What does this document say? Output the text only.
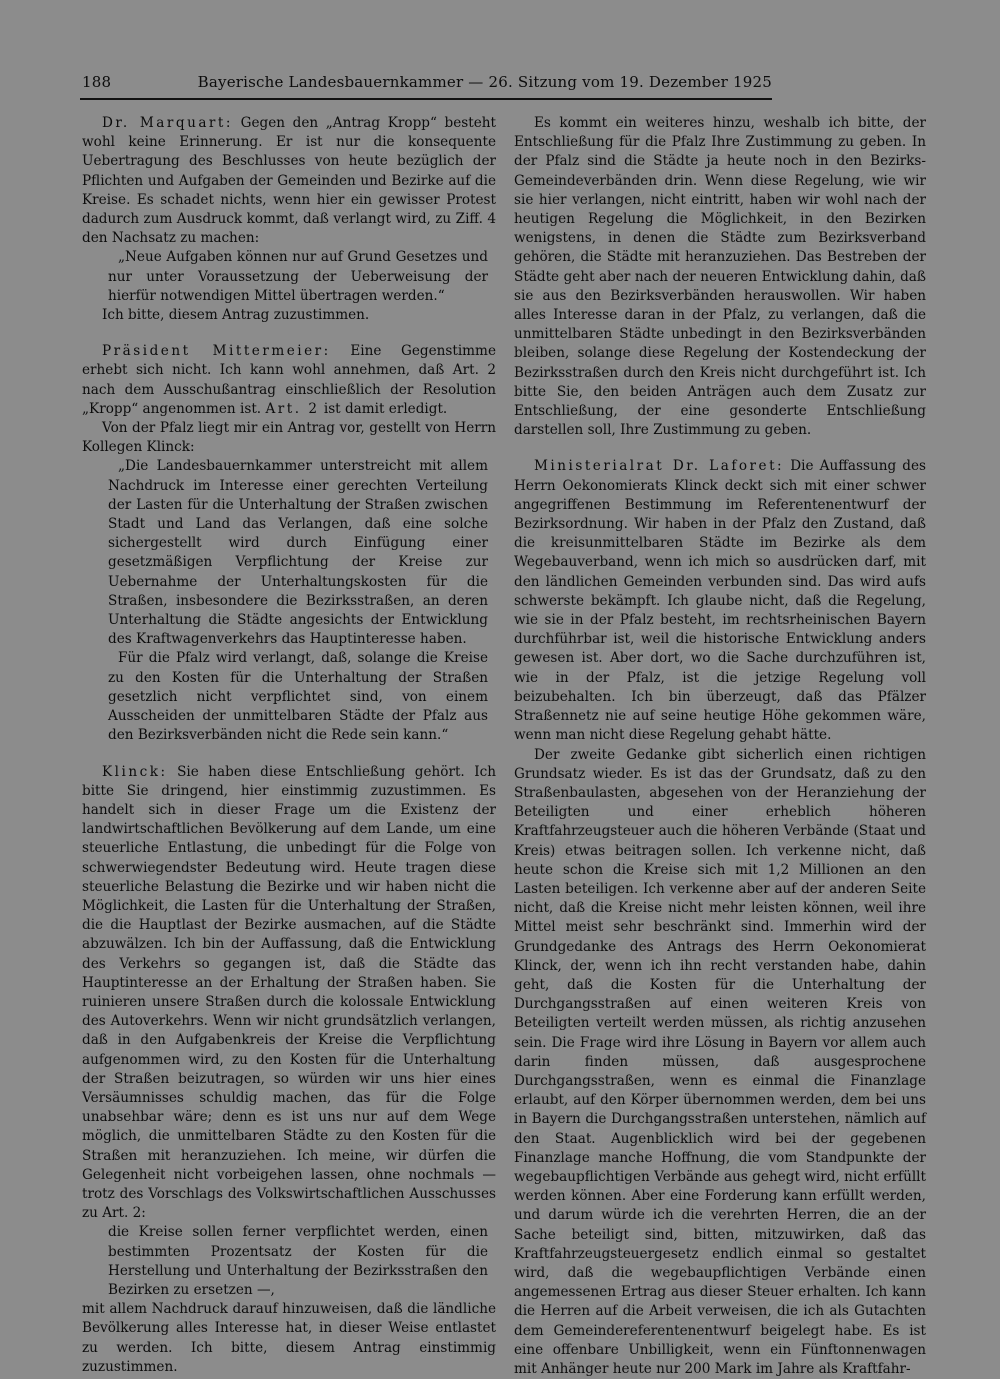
188	Bayerische Landesbauernkammer — 26. Sitzung vom 19. Dezember 1925

Dr. Marquart: Gegen den „Antrag Kropp“ besteht wohl keine Erinnerung. Er ist nur die konsequente Uebertragung des Beschlusses von heute bezüglich der Pflichten und Aufgaben der Gemeinden und Bezirke auf die Kreise. Es schadet nichts, wenn hier ein gewisser Protest dadurch zum Ausdruck kommt, daß verlangt wird, zu Ziff. 4 den Nachsatz zu machen:

„Neue Aufgaben können nur auf Grund Gesetzes und nur unter Voraussetzung der Ueberweisung der hierfür notwendigen Mittel übertragen werden.“

Ich bitte, diesem Antrag zuzustimmen.

Präsident Mittermeier: Eine Gegenstimme erhebt sich nicht. Ich kann wohl annehmen, daß Art. 2 nach dem Ausschußantrag einschließlich der Resolution „Kropp“ angenommen ist. Art. 2 ist damit erledigt.

Von der Pfalz liegt mir ein Antrag vor, gestellt von Herrn Kollegen Klinck:

„Die Landesbauernkammer unterstreicht mit allem Nachdruck im Interesse einer gerechten Verteilung der Lasten für die Unterhaltung der Straßen zwischen Stadt und Land das Verlangen, daß eine solche sichergestellt wird durch Einfügung einer gesetzmäßigen Verpflichtung der Kreise zur Uebernahme der Unterhaltungskosten für die Straßen, insbesondere die Bezirksstraßen, an deren Unterhaltung die Städte angesichts der Entwicklung des Kraftwagenverkehrs das Hauptinteresse haben.

Für die Pfalz wird verlangt, daß, solange die Kreise zu den Kosten für die Unterhaltung der Straßen gesetzlich nicht verpflichtet sind, von einem Ausscheiden der unmittelbaren Städte der Pfalz aus den Bezirksverbänden nicht die Rede sein kann.“

Klinck: Sie haben diese Entschließung gehört. Ich bitte Sie dringend, hier einstimmig zuzustimmen. Es handelt sich in dieser Frage um die Existenz der landwirtschaftlichen Bevölkerung auf dem Lande, um eine steuerliche Entlastung, die unbedingt für die Folge von schwerwiegendster Bedeutung wird. Heute tragen diese steuerliche Belastung die Bezirke und wir haben nicht die Möglichkeit, die Lasten für die Unterhaltung der Straßen, die die Hauptlast der Bezirke ausmachen, auf die Städte abzuwälzen. Ich bin der Auffassung, daß die Entwicklung des Verkehrs so gegangen ist, daß die Städte das Hauptinteresse an der Erhaltung der Straßen haben. Sie ruinieren unsere Straßen durch die kolossale Entwicklung des Autoverkehrs. Wenn wir nicht grundsätzlich verlangen, daß in den Aufgabenkreis der Kreise die Verpflichtung aufgenommen wird, zu den Kosten für die Unterhaltung der Straßen beizutragen, so würden wir uns hier eines Versäumnisses schuldig machen, das für die Folge unabsehbar wäre; denn es ist uns nur auf dem Wege möglich, die unmittelbaren Städte zu den Kosten für die Straßen mit heranzuziehen. Ich meine, wir dürfen die Gelegenheit nicht vorbeigehen lassen, ohne nochmals — trotz des Vorschlags des Volkswirtschaftlichen Ausschusses zu Art. 2:

die Kreise sollen ferner verpflichtet werden, einen bestimmten Prozentsatz der Kosten für die Herstellung und Unterhaltung der Bezirksstraßen den Bezirken zu ersetzen —,

mit allem Nachdruck darauf hinzuweisen, daß die ländliche Bevölkerung alles Interesse hat, in dieser Weise entlastet zu werden. Ich bitte, diesem Antrag einstimmig zuzustimmen.

Es kommt ein weiteres hinzu, weshalb ich bitte, der Entschließung für die Pfalz Ihre Zustimmung zu geben. In der Pfalz sind die Städte ja heute noch in den Bezirks-Gemeindeverbänden drin. Wenn diese Regelung, wie wir sie hier verlangen, nicht eintritt, haben wir wohl nach der heutigen Regelung die Möglichkeit, in den Bezirken wenigstens, in denen die Städte zum Bezirksverband gehören, die Städte mit heranzuziehen. Das Bestreben der Städte geht aber nach der neueren Entwicklung dahin, daß sie aus den Bezirksverbänden herauswollen. Wir haben alles Interesse daran in der Pfalz, zu verlangen, daß die unmittelbaren Städte unbedingt in den Bezirksverbänden bleiben, solange diese Regelung der Kostendeckung der Bezirksstraßen durch den Kreis nicht durchgeführt ist. Ich bitte Sie, den beiden Anträgen auch dem Zusatz zur Entschließung, der eine gesonderte Entschließung darstellen soll, Ihre Zustimmung zu geben.

Ministerialrat Dr. Laforet: Die Auffassung des Herrn Oekonomierats Klinck deckt sich mit einer schwer angegriffenen Bestimmung im Referentenentwurf der Bezirksordnung. Wir haben in der Pfalz den Zustand, daß die kreisunmittelbaren Städte im Bezirke als dem Wegebauverband, wenn ich mich so ausdrücken darf, mit den ländlichen Gemeinden verbunden sind. Das wird aufs schwerste bekämpft. Ich glaube nicht, daß die Regelung, wie sie in der Pfalz besteht, im rechtsrheinischen Bayern durchführbar ist, weil die historische Entwicklung anders gewesen ist. Aber dort, wo die Sache durchzuführen ist, wie in der Pfalz, ist die jetzige Regelung voll beizubehalten. Ich bin überzeugt, daß das Pfälzer Straßennetz nie auf seine heutige Höhe gekommen wäre, wenn man nicht diese Regelung gehabt hätte.

Der zweite Gedanke gibt sicherlich einen richtigen Grundsatz wieder. Es ist das der Grundsatz, daß zu den Straßenbaulasten, abgesehen von der Heranziehung der Beteiligten und einer erheblich höheren Kraftfahrzeugsteuer auch die höheren Verbände (Staat und Kreis) etwas beitragen sollen. Ich verkenne nicht, daß heute schon die Kreise sich mit 1,2 Millionen an den Lasten beteiligen. Ich verkenne aber auf der anderen Seite nicht, daß die Kreise nicht mehr leisten können, weil ihre Mittel meist sehr beschränkt sind. Immerhin wird der Grundgedanke des Antrags des Herrn Oekonomierat Klinck, der, wenn ich ihn recht verstanden habe, dahin geht, daß die Kosten für die Unterhaltung der Durchgangsstraßen auf einen weiteren Kreis von Beteiligten verteilt werden müssen, als richtig anzusehen sein. Die Frage wird ihre Lösung in Bayern vor allem auch darin finden müssen, daß ausgesprochene Durchgangsstraßen, wenn es einmal die Finanzlage erlaubt, auf den Körper übernommen werden, dem bei uns in Bayern die Durchgangsstraßen unterstehen, nämlich auf den Staat. Augenblicklich wird bei der gegebenen Finanzlage manche Hoffnung, die vom Standpunkte der wegebaupflichtigen Verbände aus gehegt wird, nicht erfüllt werden können. Aber eine Forderung kann erfüllt werden, und darum würde ich die verehrten Herren, die an der Sache beteiligt sind, bitten, mitzuwirken, daß das Kraftfahrzeugsteuergesetz endlich einmal so gestaltet wird, daß die wegebaupflichtigen Verbände einen angemessenen Ertrag aus dieser Steuer erhalten. Ich kann die Herren auf die Arbeit verweisen, die ich als Gutachten dem Gemeindereferentenentwurf beigelegt habe. Es ist eine offenbare Unbilligkeit, wenn ein Fünftonnenwagen mit Anhänger heute nur 200 Mark im Jahre als Kraftfahr-
